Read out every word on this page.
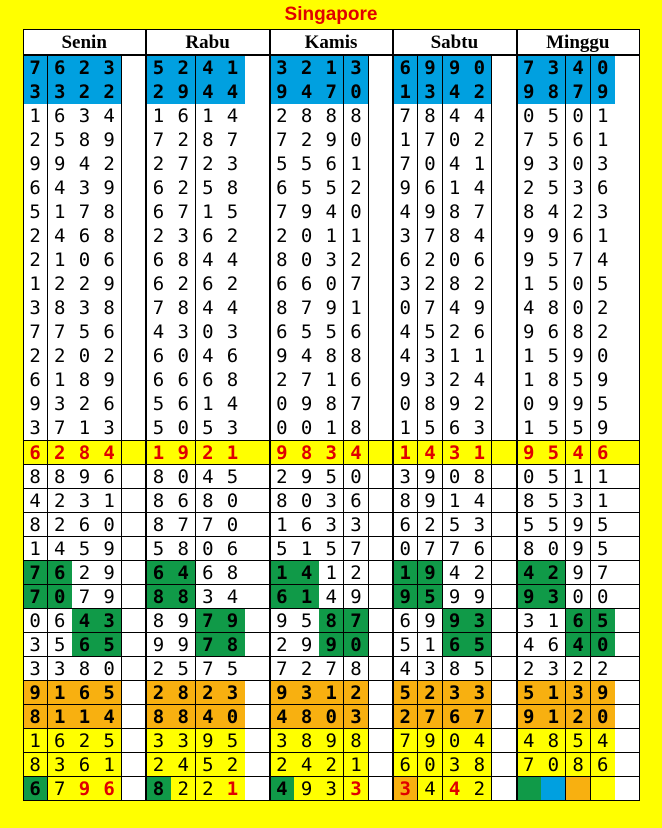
Singapore
Senin	Rabu	Kamis	Sabtu	Minggu
7 6 2 3	5 2 4 1	3 2 1 3	6 9 9 0	7 3 4 0
3 3 2 2	2 9 4 4	9 4 7 0	1 3 4 2	9 8 7 9
1 6 3 4	1 6 1 4	2 8 8 8	7 8 4 4	0 5 0 1
2 5 8 9	7 2 8 7	7 2 9 0	1 7 0 2	7 5 6 1
9 9 4 2	2 7 2 3	5 5 6 1	7 0 4 1	9 3 0 3
6 4 3 9	6 2 5 8	6 5 5 2	9 6 1 4	2 5 3 6
5 1 7 8	6 7 1 5	7 9 4 0	4 9 8 7	8 4 2 3
2 4 6 8	2 3 6 2	2 0 1 1	3 7 8 4	9 9 6 1
2 1 0 6	6 8 4 4	8 0 3 2	6 2 0 6	9 5 7 4
1 2 2 9	6 2 6 2	6 6 0 7	3 2 8 2	1 5 0 5
3 8 3 8	7 8 4 4	8 7 9 1	0 7 4 9	4 8 0 2
7 7 5 6	4 3 0 3	6 5 5 6	4 5 2 6	9 6 8 2
2 2 0 2	6 0 4 6	9 4 8 8	4 3 1 1	1 5 9 0
6 1 8 9	6 6 6 8	2 7 1 6	9 3 2 4	1 8 5 9
9 3 2 6	5 6 1 4	0 9 8 7	0 8 9 2	0 9 9 5
3 7 1 3	5 0 5 3	0 0 1 8	1 5 6 3	1 5 5 9
6 2 8 4	1 9 2 1	9 8 3 4	1 4 3 1	9 5 4 6
8 8 9 6	8 0 4 5	2 9 5 0	3 9 0 8	0 5 1 1
4 2 3 1	8 6 8 0	8 0 3 6	8 9 1 4	8 5 3 1
8 2 6 0	8 7 7 0	1 6 3 3	6 2 5 3	5 5 9 5
1 4 5 9	5 8 0 6	5 1 5 7	0 7 7 6	8 0 9 5
7 6 2 9	6 4 6 8	1 4 1 2	1 9 4 2	4 2 9 7
7 0 7 9	8 8 3 4	6 1 4 9	9 5 9 9	9 3 0 0
0 6 4 3	8 9 7 9	9 5 8 7	6 9 9 3	3 1 6 5
3 5 6 5	9 9 7 8	2 9 9 0	5 1 6 5	4 6 4 0
3 3 8 0	2 5 7 5	7 2 7 8	4 3 8 5	2 3 2 2
9 1 6 5	2 8 2 3	9 3 1 2	5 2 3 3	5 1 3 9
8 1 1 4	8 8 4 0	4 8 0 3	2 7 6 7	9 1 2 0
1 6 2 5	3 3 9 5	3 8 9 8	7 9 0 4	4 8 5 4
8 3 6 1	2 4 5 2	2 4 2 1	6 0 3 8	7 0 8 6
6 7 9 6	8 2 2 1	4 9 3 3	3 4 4 2
